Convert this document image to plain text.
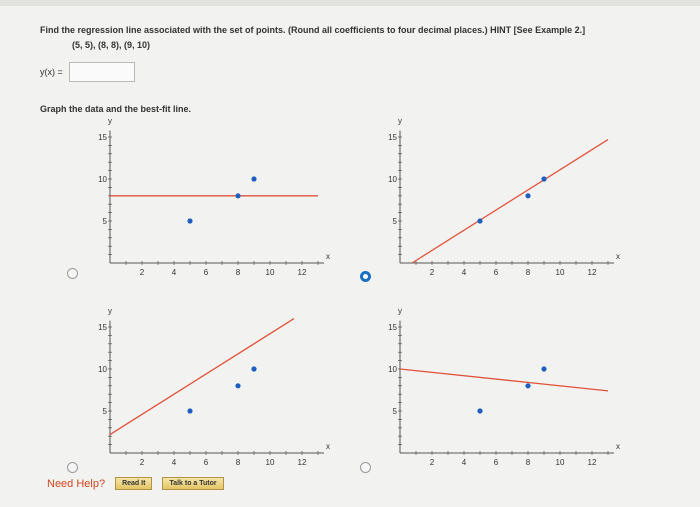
Find the regression line associated with the set of points. (Round all coefficients to four decimal places.) HINT [See Example 2.]
(5, 5), (8, 8), (9, 10)
y(x) =
Graph the data and the best-fit line.
2	4	6	8	10	12
5
10
15
x
y
2	4	6	8	10	12
5
10
15
x
y
2	4	6	8	10	12
5
10
15
x
y
2	4	6	8	10	12
5
10
15
x
y
Need Help?	Read It	Talk to a Tutor
